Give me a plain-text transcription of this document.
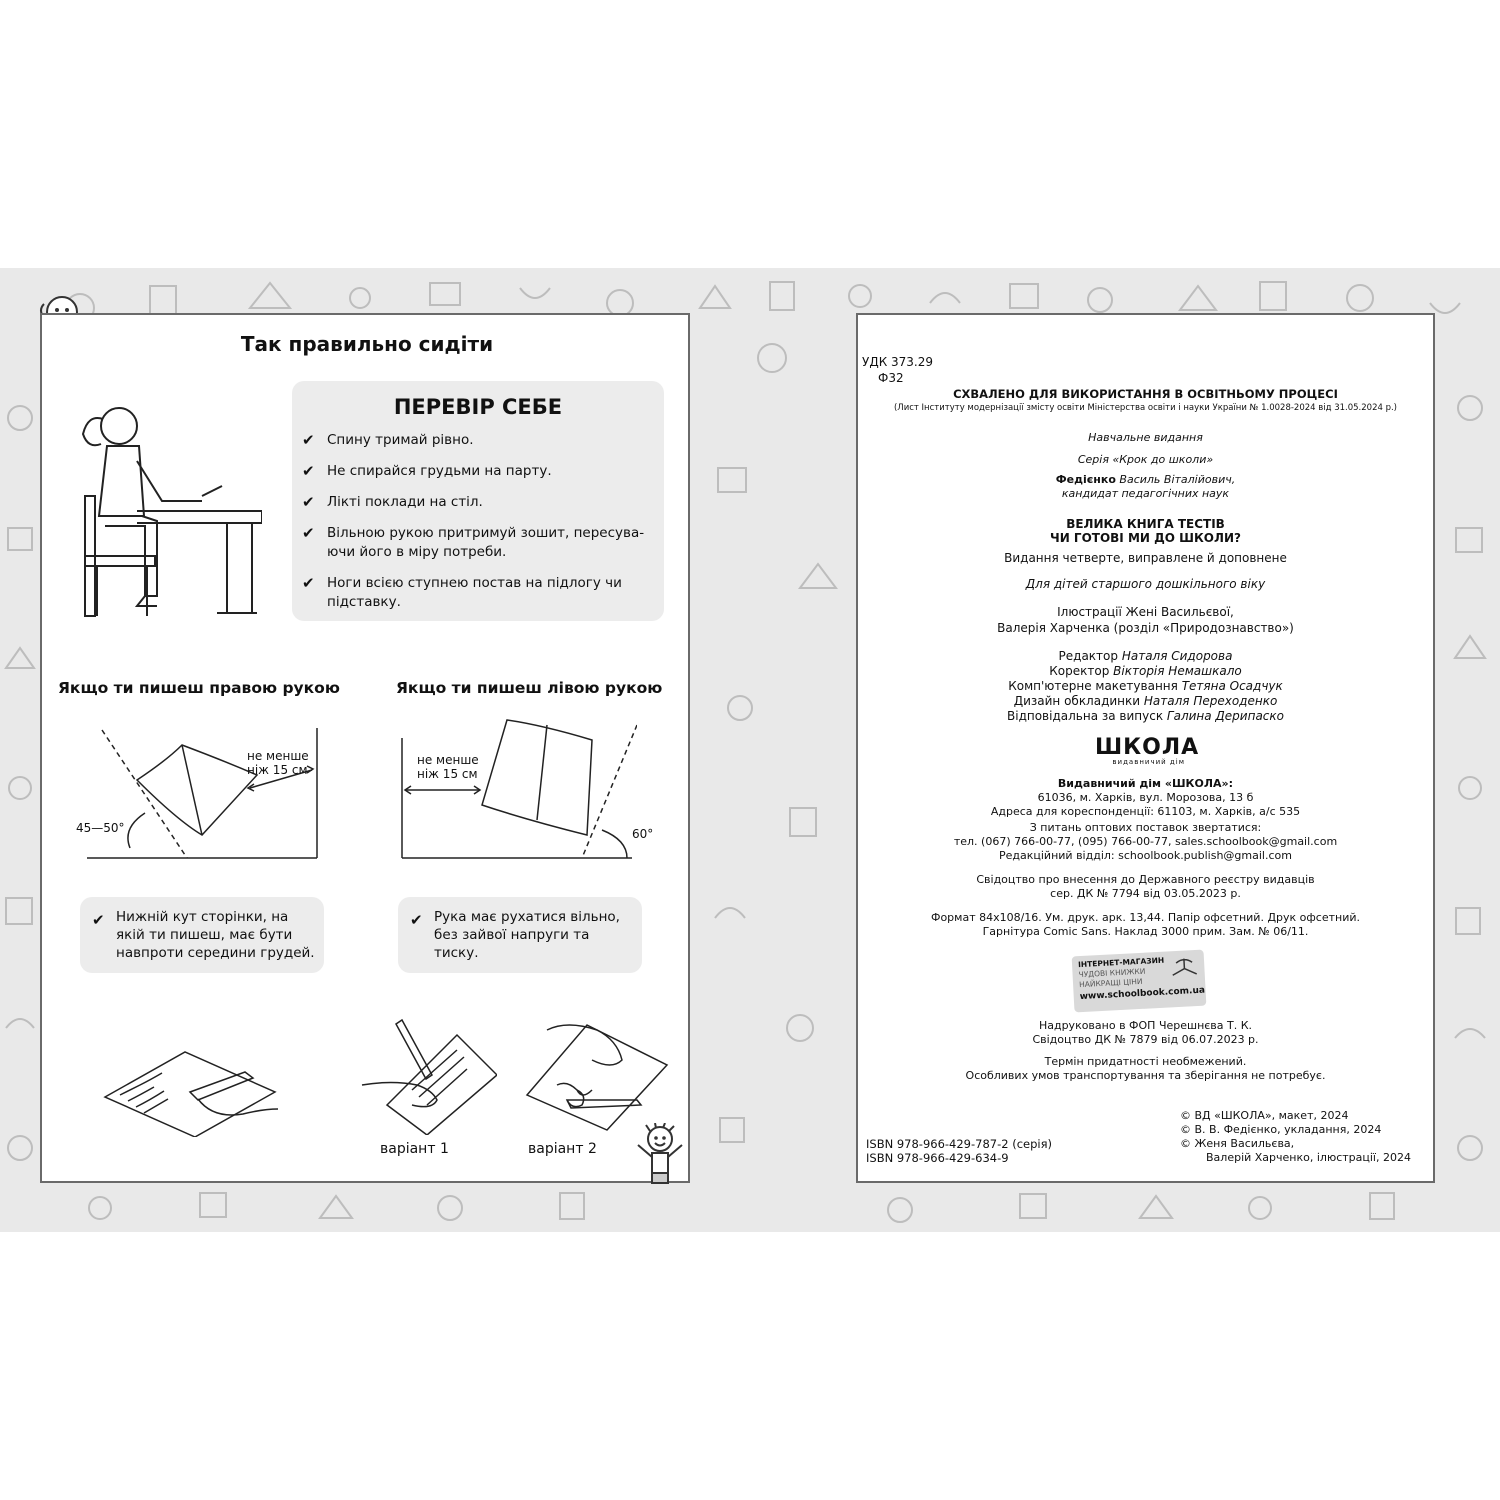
Так правильно сидіти
ПЕРЕВІР СЕБЕ
✔ Спину тримай рівно.
✔ Не спирайся грудьми на парту.
✔ Лікті поклади на стіл.
✔ Вільною рукою притримуй зошит, пересува-ючи його в міру потреби.
✔ Ноги всією ступнею постав на підлогу чи підставку.
Якщо ти пишеш правою рукою	Якщо ти пишеш лівою рукою
не менше ніж 15 см
45—50°
не менше ніж 15 см
60°
✔ Нижній кут сторінки, на якій ти пишеш, має бути навпроти середини грудей.
✔ Рука має рухатися вільно, без зайвої напруги та тиску.
варіант 1	варіант 2
УДК 373.29
Ф32
СХВАЛЕНО ДЛЯ ВИКОРИСТАННЯ В ОСВІТНЬОМУ ПРОЦЕСІ
(Лист Інституту модернізації змісту освіти Міністерства освіти і науки України № 1.0028-2024 від 31.05.2024 р.)
Навчальне видання
Серія «Крок до школи»
Федієнко Василь Віталійович,
кандидат педагогічних наук
ВЕЛИКА КНИГА ТЕСТІВ
ЧИ ГОТОВІ МИ ДО ШКОЛИ?
Видання четверте, виправлене й доповнене
Для дітей старшого дошкільного віку
Ілюстрації Жені Васильєвої,
Валерія Харченка (розділ «Природознавство»)
Редактор Наталя Сидорова
Коректор Вікторія Немашкало
Комп'ютерне макетування Тетяна Осадчук
Дизайн обкладинки Наталя Переходенко
Відповідальна за випуск Галина Дерипаско
ШКОЛА
видавничий дім
Видавничий дім «ШКОЛА»:
61036, м. Харків, вул. Морозова, 13 б
Адреса для кореспонденції: 61103, м. Харків, а/с 535
З питань оптових поставок звертатися:
тел. (067) 766-00-77, (095) 766-00-77, sales.schoolbook@gmail.com
Редакційний відділ: schoolbook.publish@gmail.com
Свідоцтво про внесення до Державного реєстру видавців
сер. ДК № 7794 від 03.05.2023 р.
Формат 84x108/16. Ум. друк. арк. 13,44. Папір офсетний. Друк офсетний.
Гарнітура Comic Sans. Наклад 3000 прим. Зам. № 06/11.
ІНТЕРНЕТ-МАГАЗИН
ЧУДОВІ КНИЖКИ
НАЙКРАЩІ ЦІНИ
www.schoolbook.com.ua
Надруковано в ФОП Черешнєва Т. К.
Свідоцтво ДК № 7879 від 06.07.2023 р.
Термін придатності необмежений.
Особливих умов транспортування та зберігання не потребує.
© ВД «ШКОЛА», макет, 2024
© В. В. Федієнко, укладання, 2024
© Женя Васильєва,
Валерій Харченко, ілюстрації, 2024
ISBN 978-966-429-787-2 (серія)
ISBN 978-966-429-634-9
